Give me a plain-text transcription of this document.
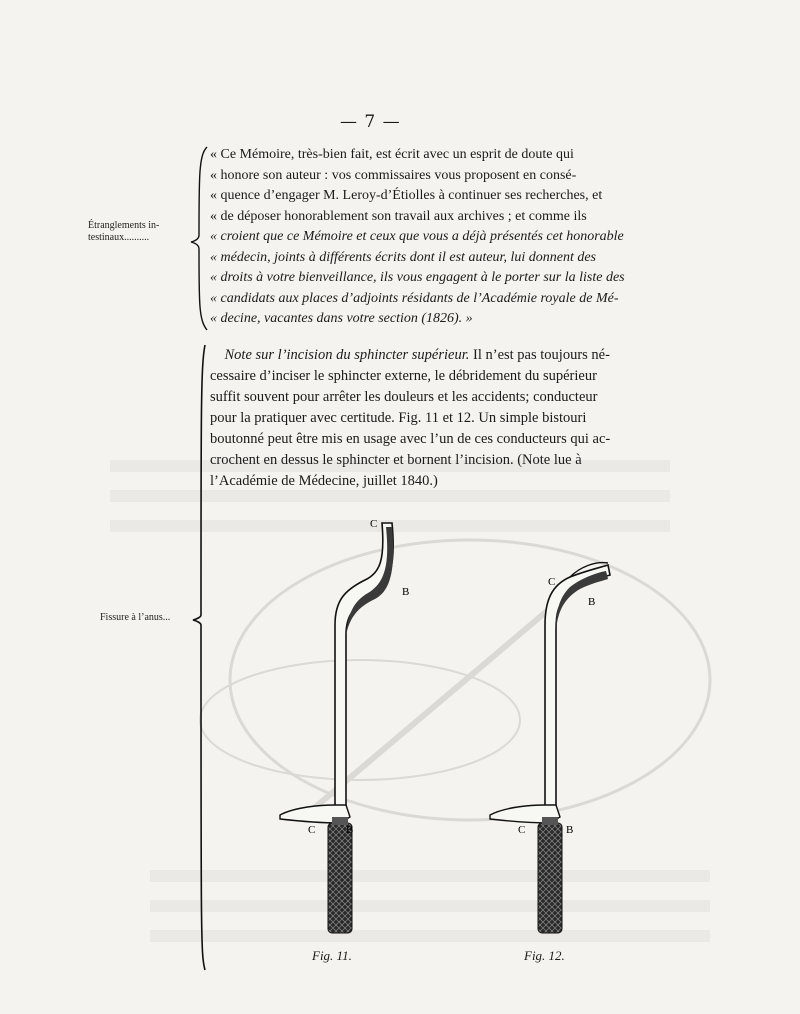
— 7 —
Étranglements in-
testinaux..........
Fissure à l’anus...
« Ce Mémoire, très-bien fait, est écrit avec un esprit de doute qui
« honore son auteur : vos commissaires vous proposent en consé-
« quence d’engager M. Leroy-d’Étiolles à continuer ses recherches, et
« de déposer honorablement son travail aux archives ; et comme ils
« croient que ce Mémoire et ceux que vous a déjà présentés cet honorable
« médecin, joints à différents écrits dont il est auteur, lui donnent des
« droits à votre bienveillance, ils vous engagent à le porter sur la liste des
« candidats aux places d’adjoints résidants de l’Académie royale de Mé-
« decine, vacantes dans votre section (1826). »
Note sur l’incision du sphincter supérieur. Il n’est pas toujours né-
cessaire d’inciser le sphincter externe, le débridement du supérieur
suffit souvent pour arrêter les douleurs et les accidents; conducteur
pour la pratiquer avec certitude. Fig. 11 et 12. Un simple bistouri
boutonné peut être mis en usage avec l’un de ces conducteurs qui ac-
crochent en dessus le sphincter et bornent l’incision. (Note lue à
l’Académie de Médecine, juillet 1840.)
C
B
C	B
C
B
C	B
Fig. 11.	Fig. 12.
